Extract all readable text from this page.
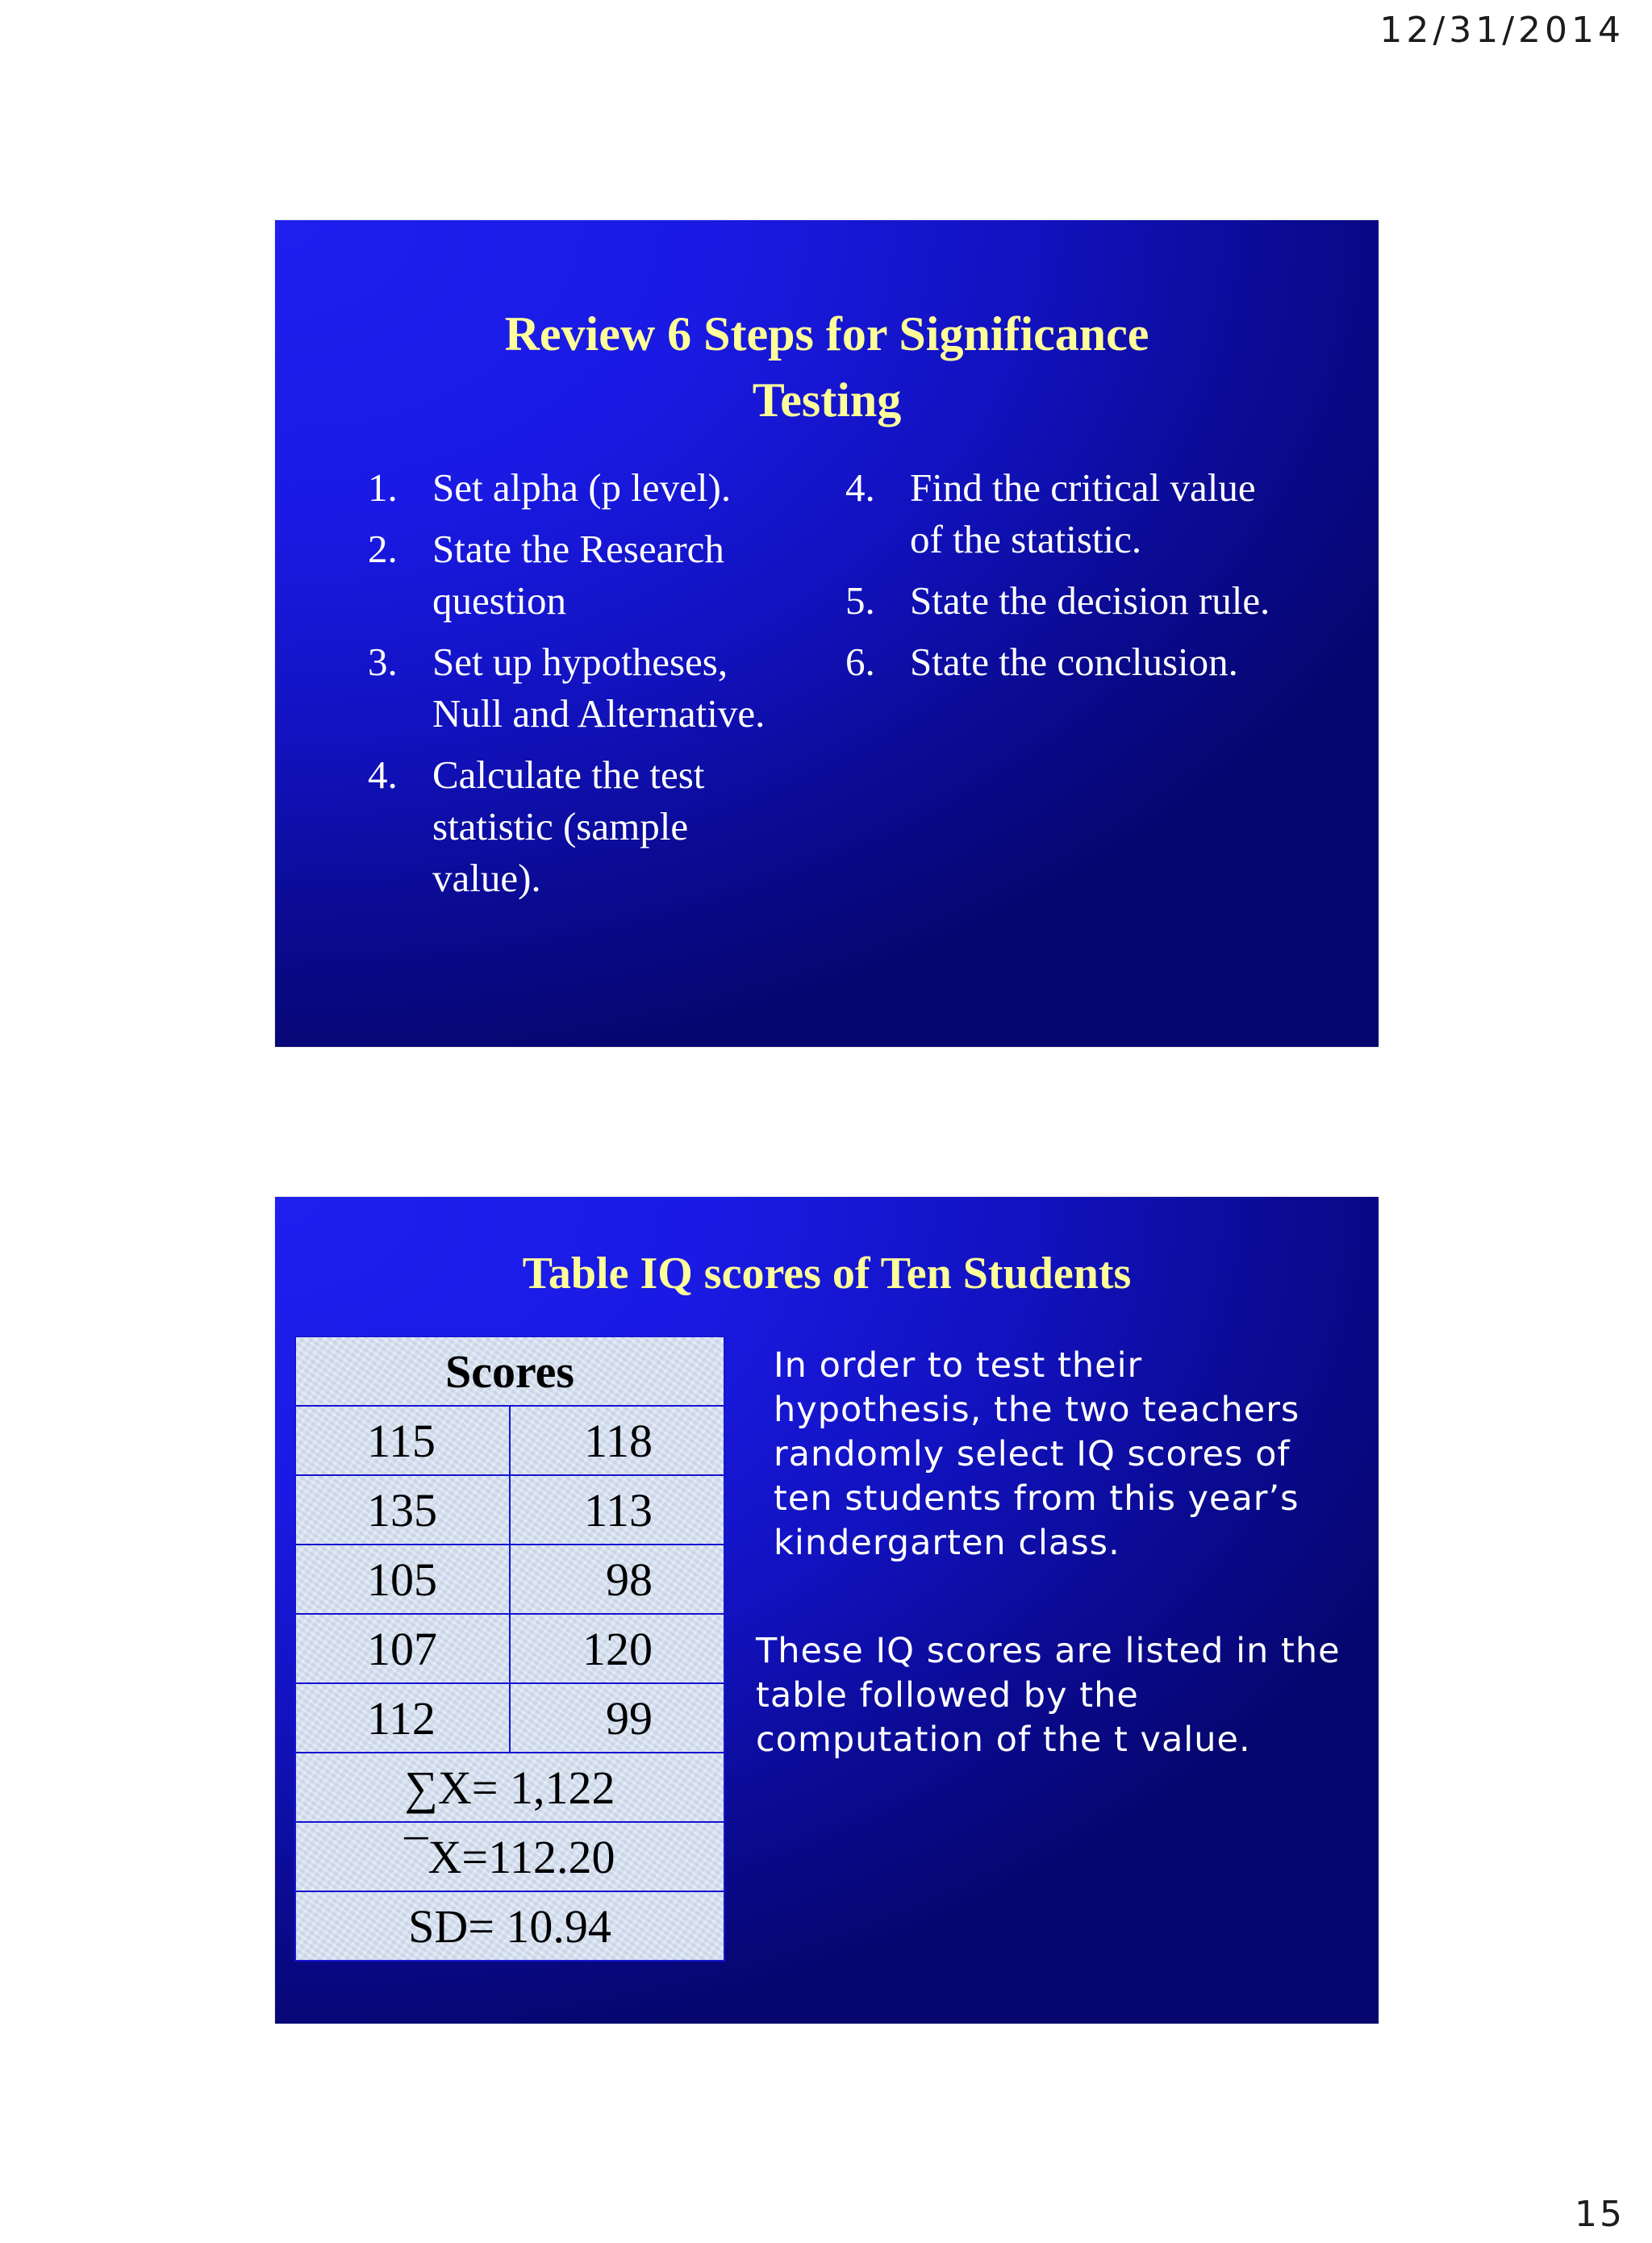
12/31/2014
Review 6 Steps for Significance
Testing
1. Set alpha (p level).
2. State the Research question
3. Set up hypotheses, Null and Alternative.
4. Calculate the test statistic (sample value).
4. Find the critical value of the statistic.
5. State the decision rule.
6. State the conclusion.
Table IQ scores of Ten Students
Scores	
115	118
135	113
105	98
107	120
112	99
∑X= 1,122	
¯X=112.20	
SD= 10.94	

In order to test their hypothesis, the two teachers randomly select IQ scores of ten students from this year’s kindergarten class.

These IQ scores are listed in the table followed by the computation of the t value.

15
